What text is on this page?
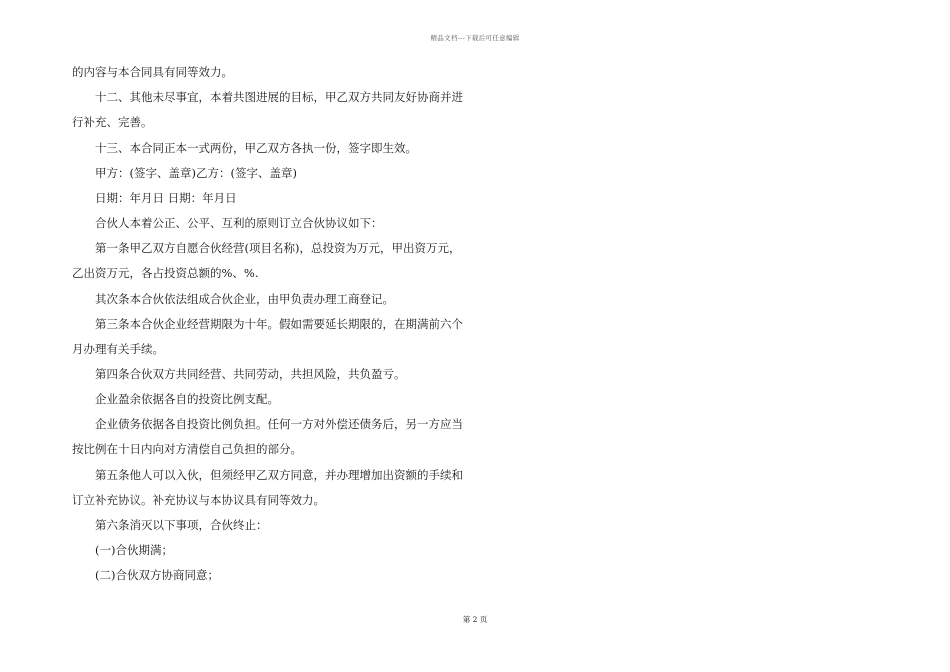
精品文档---下载后可任意编辑
的内容与本合同具有同等效力。
十二、其他未尽事宜，本着共图进展的目标，甲乙双方共同友好协商并进
行补充、完善。
十三、本合同正本一式两份，甲乙双方各执一份，签字即生效。
甲方：(签字、盖章)乙方：(签字、盖章)
日期：年月日 日期：年月日
合伙人本着公正、公平、互利的原则订立合伙协议如下：
第一条甲乙双方自愿合伙经营(项目名称)，总投资为万元，甲出资万元，
乙出资万元，各占投资总额的%、%.
其次条本合伙依法组成合伙企业，由甲负责办理工商登记。
第三条本合伙企业经营期限为十年。假如需要延长期限的，在期满前六个
月办理有关手续。
第四条合伙双方共同经营、共同劳动，共担风险，共负盈亏。
企业盈余依据各自的投资比例支配。
企业债务依据各自投资比例负担。任何一方对外偿还债务后，另一方应当
按比例在十日内向对方清偿自己负担的部分。
第五条他人可以入伙，但须经甲乙双方同意，并办理增加出资额的手续和
订立补充协议。补充协议与本协议具有同等效力。
第六条消灭以下事项，合伙终止：
(一)合伙期满；
(二)合伙双方协商同意；
第 2 页
